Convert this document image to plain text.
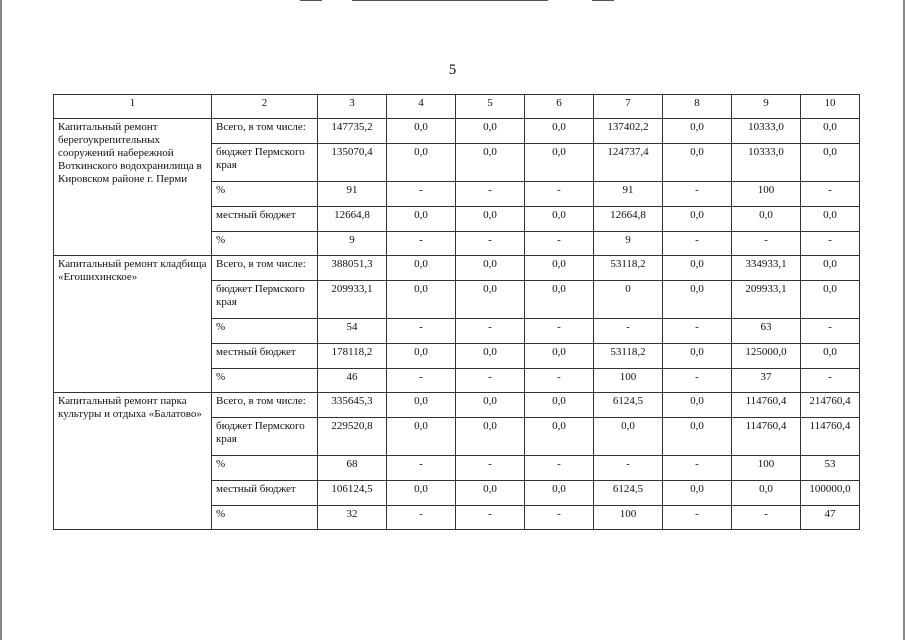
5
1	2	3	4	5	6	7	8	9	10
Капитальный ремонт берегоукрепительных сооружений набережной Воткинского водохранилища в Кировском районе г. Перми	Всего, в том числе:	147735,2	0,0	0,0	0,0	137402,2	0,0	10333,0	0,0
	бюджет Пермского края	135070,4	0,0	0,0	0,0	124737,4	0,0	10333,0	0,0
	%	91	-	-	-	91	-	100	-
	местный бюджет	12664,8	0,0	0,0	0,0	12664,8	0,0	0,0	0,0
	%	9	-	-	-	9	-	-	-
Капитальный ремонт кладбища «Егошихинское»	Всего, в том числе:	388051,3	0,0	0,0	0,0	53118,2	0,0	334933,1	0,0
	бюджет Пермского края	209933,1	0,0	0,0	0,0	0	0,0	209933,1	0,0
	%	54	-	-	-	-	-	63	-
	местный бюджет	178118,2	0,0	0,0	0,0	53118,2	0,0	125000,0	0,0
	%	46	-	-	-	100	-	37	-
Капитальный ремонт парка культуры и отдыха «Балатово»	Всего, в том числе:	335645,3	0,0	0,0	0,0	6124,5	0,0	114760,4	214760,4
	бюджет Пермского края	229520,8	0,0	0,0	0,0	0,0	0,0	114760,4	114760,4
	%	68	-	-	-	-	-	100	53
	местный бюджет	106124,5	0,0	0,0	0,0	6124,5	0,0	0,0	100000,0
	%	32	-	-	-	100	-	-	47
